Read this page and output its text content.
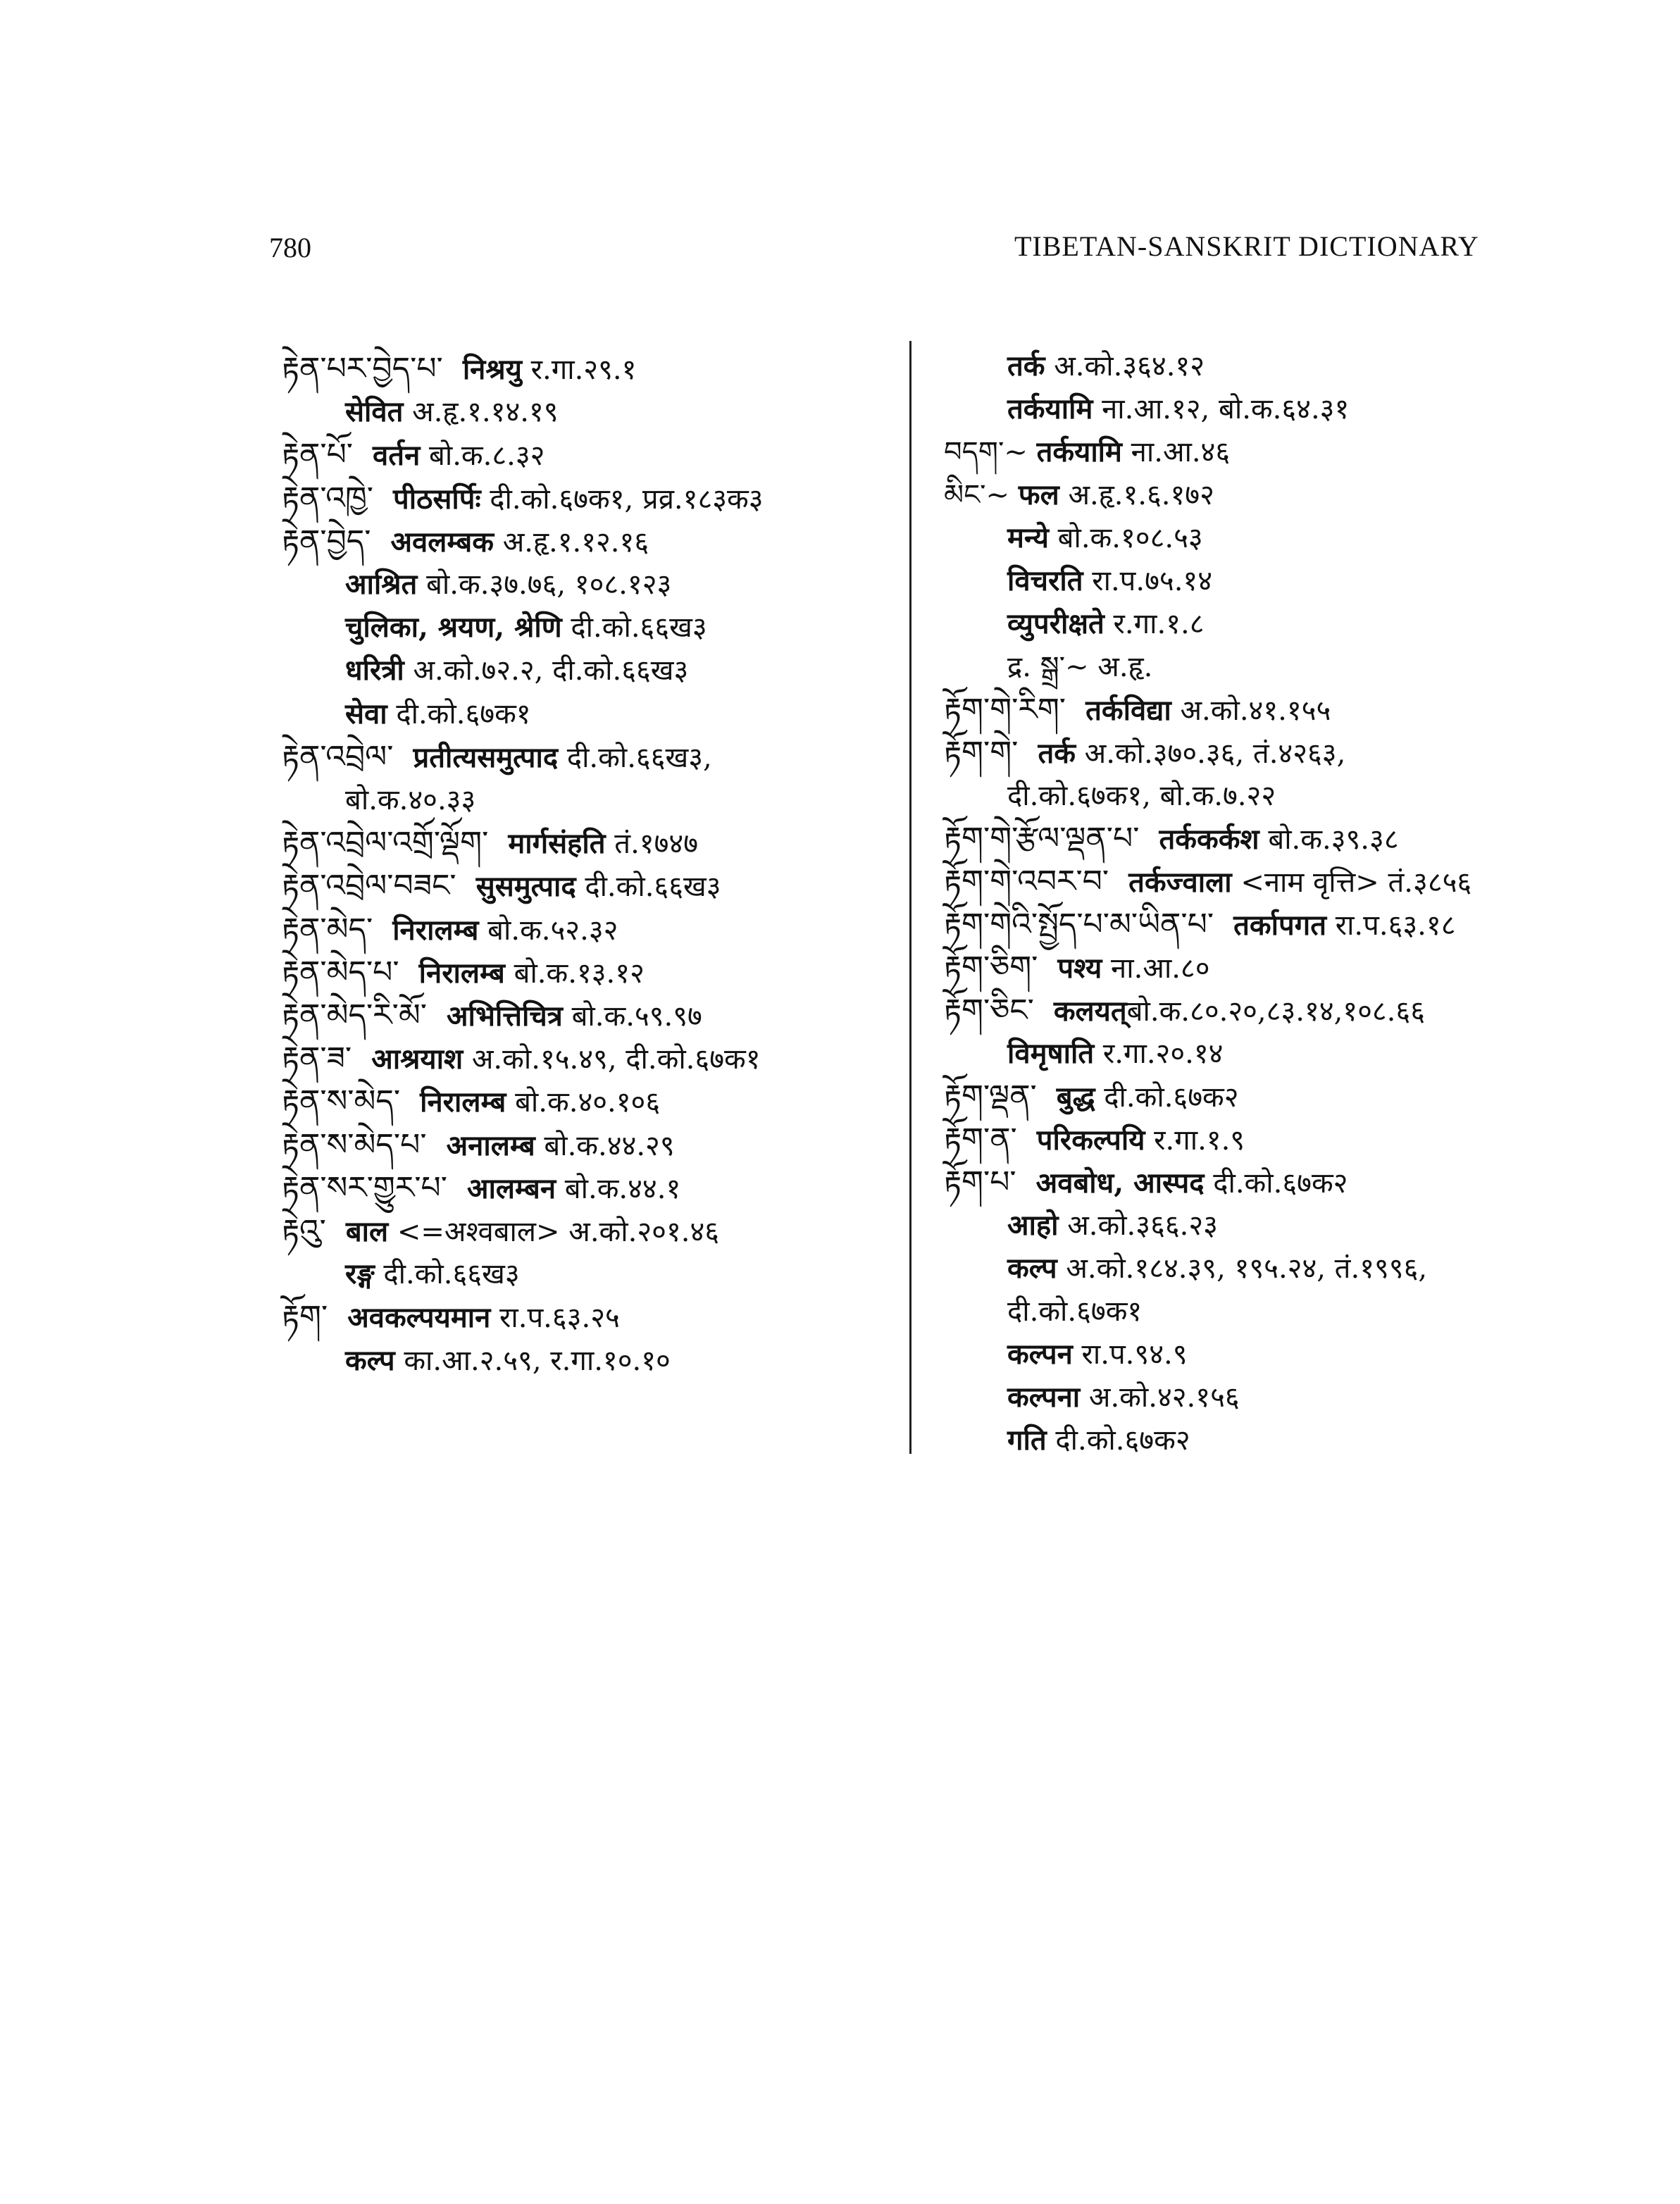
780	TIBETAN-SANSKRIT DICTIONARY
རྟེན་པར་བྱེད་པ་ निश्रयु र.गा.२९.१
सेवित अ.हृ.१.१४.१९
རྟེན་པོ་ वर्तन बो.क.८.३२
རྟེན་འཁྱེ་ पीठसर्पिः दी.को.६७क१, प्रव्र.१८३क३
རྟེན་བྱེད་ अवलम्बक अ.हृ.१.१२.१६
आश्रित बो.क.३७.७६, १०८.१२३
चुलिका, श्रयण, श्रेणि दी.को.६६ख३
धरित्री अ.को.७२.२, दी.को.६६ख३
सेवा दी.को.६७क१
རྟེན་འབྲེལ་ प्रतीत्यसमुत्पाद दी.को.६६ख३,
बो.क.४०.३३
རྟེན་འབྲེལ་འགྲོ་ལྡོག་ मार्गसंहति तं.१७४७
རྟེན་འབྲེལ་བཟང་ सुसमुत्पाद दी.को.६६ख३
རྟེན་མེད་ निरालम्ब बो.क.५२.३२
རྟེན་མེད་པ་ निरालम्ब बो.क.१३.१२
རྟེན་མེད་རི་མོ་ अभित्तिचित्र बो.क.५९.९७
རྟེན་ཟ་ आश्रयाश अ.को.१५.४९, दी.को.६७क१
རྟེན་ས་མེད་ निरालम्ब बो.क.४०.१०६
རྟེན་ས་མེད་པ་ अनालम्ब बो.क.४४.२९
རྟེན་སར་གྱུར་པ་ आलम्बन बो.क.४४.१
རྟེའུ་ बाल <=अश्वबाल> अ.को.२०१.४६
रङ्ग दी.को.६६ख३
རྟོག་ अवकल्पयमान रा.प.६३.२५
कल्प का.आ.२.५९, र.गा.१०.१०
तर्क अ.को.३६४.१२
तर्कयामि ना.आ.१२, बो.क.६४.३१
བདག་~ तर्कयामि ना.आ.४६
མིང་~ फल अ.हृ.१.६.१७२
मन्ये बो.क.१०८.५३
विचरति रा.प.७५.१४
व्युपरीक्षते र.गा.१.८
द्र. སྒྲ་~ अ.हृ.
རྟོག་གེ་རིག་ तर्कविद्या अ.को.४१.१५५
རྟོག་གེ་ तर्क अ.को.३७०.३६, तं.४२६३,
दी.को.६७क१, बो.क.७.२२
རྟོག་གེ་རྩོལ་ལྡན་པ་ तर्ककर्कश बो.क.३९.३८
རྟོག་གེ་འབར་བ་ तर्कज्वाला <नाम वृत्ति> तं.३८५६
རྟོག་གེའི་སྤྱོད་པ་མ་ཡིན་པ་ तर्कापगत रा.प.६३.१८
རྟོག་ཅིག་ पश्य ना.आ.८०
རྟོག་ཅིང་ कलयत्बो.क.८०.२०,८३.१४,१०८.६६
विमृषाति र.गा.२०.१४
རྟོག་ལྡན་ बुद्ध दी.को.६७क२
རྟོག་ན་ परिकल्पयि र.गा.१.९
རྟོག་པ་ अवबोध, आस्पद दी.को.६७क२
आहो अ.को.३६६.२३
कल्प अ.को.१८४.३९, १९५.२४, तं.१९९६,
दी.को.६७क१
कल्पन रा.प.९४.९
कल्पना अ.को.४२.१५६
गति दी.को.६७क२
